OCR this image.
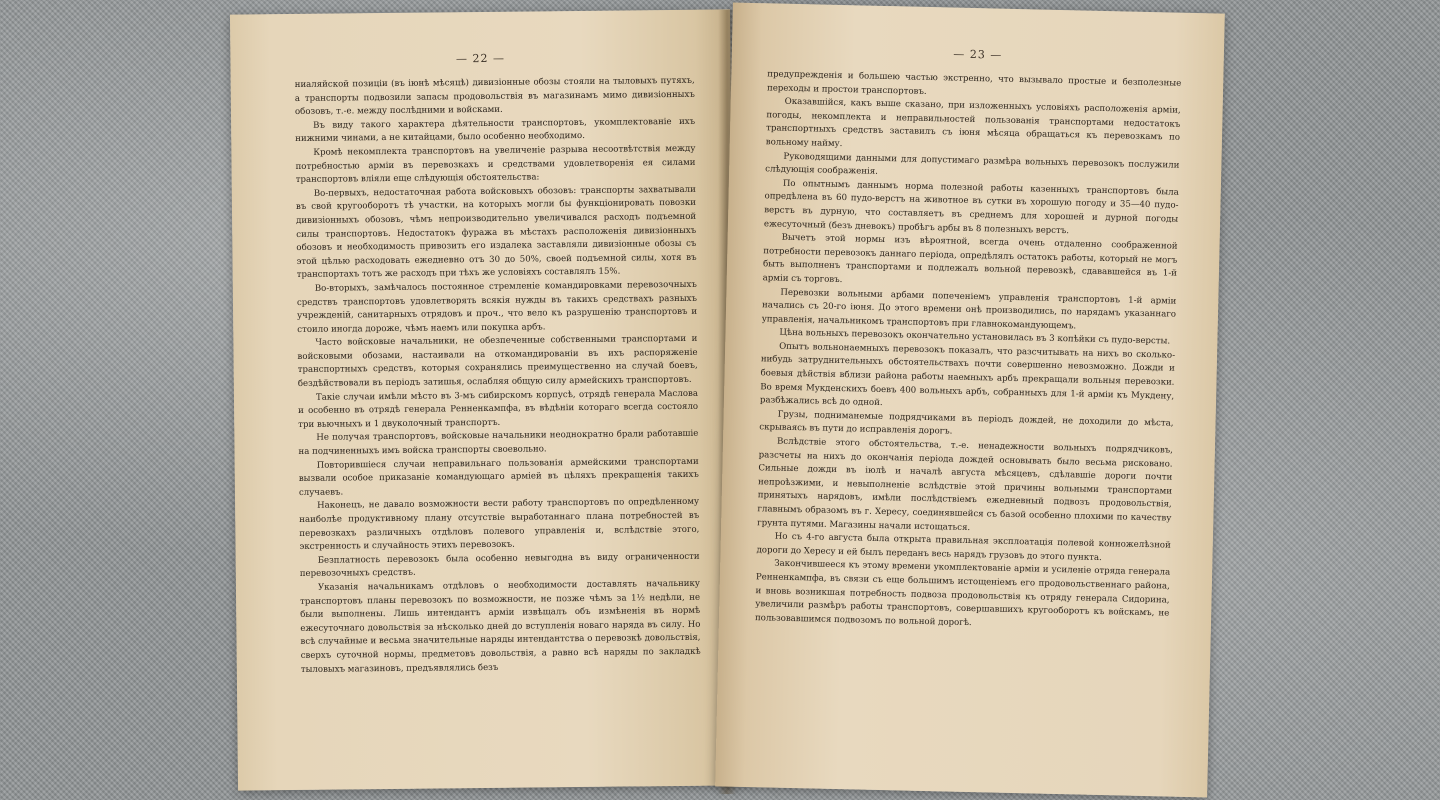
— 22 —

ниаляйской позиціи (въ іюнѣ мѣсяцѣ) дивизіонные обозы стояли на тыловыхъ путяхъ, а транспорты подвозили запасы продовольствія въ магазинамъ мимо дивизіонныхъ обозовъ, т.-е. между послѣдними и войсками.

Въ виду такого характера дѣятельности транспортовъ, укомплектованіе ихъ нижними чинами, а не китайцами, было особенно необходимо.

Кромѣ некомплекта транспортовъ на увеличеніе разрыва несоотвѣтствія между потребностью арміи въ перевозкахъ и средствами удовлетворенія ея силами транспортовъ вліяли еще слѣдующія обстоятельства:

Во-первыхъ, недостаточная работа войсковыхъ обозовъ: транспорты захватывали въ свой кругооборотъ тѣ участки, на которыхъ могли бы функціонировать повозки дивизіонныхъ обозовъ, чѣмъ непроизводительно увеличивался расходъ подъемной силы транспортовъ. Недостатокъ фуража въ мѣстахъ расположенія дивизіонныхъ обозовъ и необходимость привозить его издалека заставляли дивизіонные обозы съ этой цѣлью расходовать ежедневно отъ 30 до 50%, своей подъемной силы, хотя въ транспортахъ тотъ же расходъ при тѣхъ же условіяхъ составлялъ 15%.

Во-вторыхъ, замѣчалось постоянное стремленіе командировками перевозочныхъ средствъ транспортовъ удовлетворять всякія нужды въ такихъ средствахъ разныхъ учрежденій, санитарныхъ отрядовъ и проч., что вело къ разрушенію транспортовъ и стоило иногда дороже, чѣмъ наемъ или покупка арбъ.

Часто войсковые начальники, не обезпеченные собственными транспортами и войсковыми обозами, настаивали на откомандированіи въ ихъ распоряженіе транспортныхъ средствъ, которыя сохранялись преимущественно на случай боевъ, бездѣйствовали въ періодъ затишья, ослабляя общую силу армейскихъ транспортовъ.

Такіе случаи имѣли мѣсто въ 3-мъ сибирскомъ корпусѣ, отрядѣ генерала Маслова и особенно въ отрядѣ генерала Ренненкампфа, въ вѣдѣніи котораго всегда состояло три вьючныхъ и 1 двуколочный транспортъ.

Не получая транспортовъ, войсковые начальники неоднократно брали работавшіе на подчиненныхъ имъ войска транспорты своевольно.

Повторившіеся случаи неправильнаго пользованія армейскими транспортами вызвали особое приказаніе командующаго арміей въ цѣляхъ прекращенія такихъ случаевъ.

Наконецъ, не давало возможности вести работу транспортовъ по опредѣленному наиболѣе продуктивному плану отсутствіе выработаннаго плана потребностей въ перевозкахъ различныхъ отдѣловъ полевого управленія и, вслѣдствіе этого, экстренность и случайность этихъ перевозокъ.

Безплатность перевозокъ была особенно невыгодна въ виду ограниченности перевозочныхъ средствъ.

Указанія начальникамъ отдѣловъ о необходимости доставлять начальнику транспортовъ планы перевозокъ по возможности, не позже чѣмъ за 1½ недѣли, не были выполнены. Лишь интендантъ арміи извѣщалъ объ измѣненія въ нормѣ ежесуточнаго довольствія за нѣсколько дней до вступленія новаго наряда въ силу. Но всѣ случайные и весьма значительные наряды интендантства о перевозкѣ довольствія, сверхъ суточной нормы, предметовъ довольствія, а равно всѣ наряды по закладкѣ тыловыхъ магазиновъ, предъявлялись безъ

— 23 —

предупрежденія и большею частью экстренно, что вызывало простые и безполезные переходы и простои транспортовъ.

Оказавшійся, какъ выше сказано, при изложенныхъ условіяхъ расположенія арміи, погоды, некомплекта и неправильностей пользованія транспортами недостатокъ транспортныхъ средствъ заставилъ съ іюня мѣсяца обращаться къ перевозкамъ по вольному найму.

Руководящими данными для допустимаго размѣра вольныхъ перевозокъ послужили слѣдующія соображенія.

По опытнымъ даннымъ норма полезной работы казенныхъ транспортовъ была опредѣлена въ 60 пудо-верстъ на животное въ сутки въ хорошую погоду и 35—40 пудо-верстъ въ дурную, что составляетъ въ среднемъ для хорошей и дурной погоды ежесуточный (безъ дневокъ) пробѣгъ арбы въ 8 полезныхъ верстъ.

Вычетъ этой нормы изъ вѣроятной, всегда очень отдаленно соображенной потребности перевозокъ даннаго періода, опредѣлялъ остатокъ работы, который не могъ быть выполненъ транспортами и подлежалъ вольной перевозкѣ, сдававшейся въ 1-й арміи съ торговъ.

Перевозки вольными арбами попеченіемъ управленія транспортовъ 1-й арміи начались съ 20-го іюня. До этого времени онѣ производились, по нарядамъ указаннаго управленія, начальникомъ транспортовъ при главнокомандующемъ.

Цѣна вольныхъ перевозокъ окончательно установилась въ 3 копѣйки съ пудо-версты.

Опытъ вольнонаемныхъ перевозокъ показалъ, что разсчитывать на нихъ во сколько-нибудь затруднительныхъ обстоятельствахъ почти совершенно невозможно. Дожди и боевыя дѣйствія вблизи района работы наемныхъ арбъ прекращали вольныя перевозки. Во время Мукденскихъ боевъ 400 вольныхъ арбъ, собранныхъ для 1-й арміи къ Мукдену, разбѣжались всѣ до одной.

Грузы, подниманемые подрядчиками въ періодъ дождей, не доходили до мѣста, скрываясь въ пути до исправленія дорогъ.

Вслѣдствіе этого обстоятельства, т.-е. ненадежности вольныхъ подрядчиковъ, разсчеты на нихъ до окончанія періода дождей основывать было весьма рисковано. Сильные дожди въ іюлѣ и началѣ августа мѣсяцевъ, сдѣлавшіе дороги почти непроѣзжими, и невыполненіе вслѣдствіе этой причины вольными транспортами принятыхъ нарядовъ, имѣли послѣдствіемъ ежедневный подвозъ продовольствія, главнымъ образомъ въ г. Хересу, соединявшейся съ базой особенно плохими по качеству грунта путями. Магазины начали истощаться.

Но съ 4-го августа была открыта правильная эксплоатація полевой конножелѣзной дороги до Хересу и ей былъ переданъ весь нарядъ грузовъ до этого пункта.

Закончившееся къ этому времени укомплектованіе арміи и усиленіе отряда генерала Ренненкампфа, въ связи съ еще большимъ истощеніемъ его продовольственнаго района, и вновь возникшая потребность подвоза продовольствія къ отряду генерала Сидорина, увеличили размѣръ работы транспортовъ, совершавшихъ кругооборотъ къ войскамъ, не пользовавшимся подвозомъ по вольной дорогѣ.
